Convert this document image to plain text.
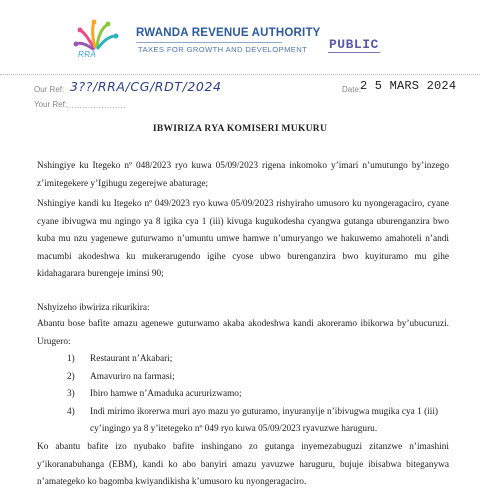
RRA
RWANDA REVENUE AUTHORITY
TAXES FOR GROWTH AND DEVELOPMENT PUBLIC
Our Ref: 3??/RRA/CG/RDT/2024
Your Ref:
......................
Date:
2 5 MARS 2024
IBWIRIZA RYA KOMISERI MUKURU
Nshingiye ku Itegeko nº 048/2023 ryo kuwa 05/09/2023 rigena inkomoko y’imari n’umutungo by’inzego z’imitegekere y’Igihugu zegerejwe abaturage;
Nshingiye kandi ku Itegeko nº 049/2023 ryo kuwa 05/09/2023 rishyiraho umusoro ku nyongeragaciro, cyane cyane ibivugwa mu ngingo ya 8 igika cya 1 (iii) kivuga kugukodesha cyangwa gutanga uburenganzira bwo kuba mu nzu yagenewe guturwamo n’umuntu umwe hamwe n’umuryango we hakuwemo amahoteli n’andi macumbi akodeshwa ku mukerarugendo igihe cyose ubwo burenganzira bwo kuyituramo mu gihe kidahagarara burengeje iminsi 90;
Nshyizeho ibwiriza rikurikira:
Abantu bose bafite amazu agenewe guturwamo akaba akodeshwa kandi akoreramo ibikorwa by’ubucuruzi. Urugero:
1) Restaurant n’Akabari;
2) Amavuriro na farmasi;
3) Ibiro hamwe n’Amaduka acururizwamo;
4) Indi mirimo ikorerwa muri ayo mazu yo guturamo, inyuranyije n’ibivugwa mugika cya 1 (iii) cy’ingingo ya 8 y’itetegeko nº 049 ryo kuwa 05/09/2023 ryavuzwe haruguru.
Ko abantu bafite izo nyubako bafite inshingano zo gutanga inyemezabuguzi zitanzwe n’imashini y’ikoranabuhanga (EBM), kandi ko abo banyiri amazu yavuzwe haruguru, bujuje ibisabwa biteganywa n’amategeko ko bagomba kwiyandikisha k’umusoro ku nyongeragaciro.
